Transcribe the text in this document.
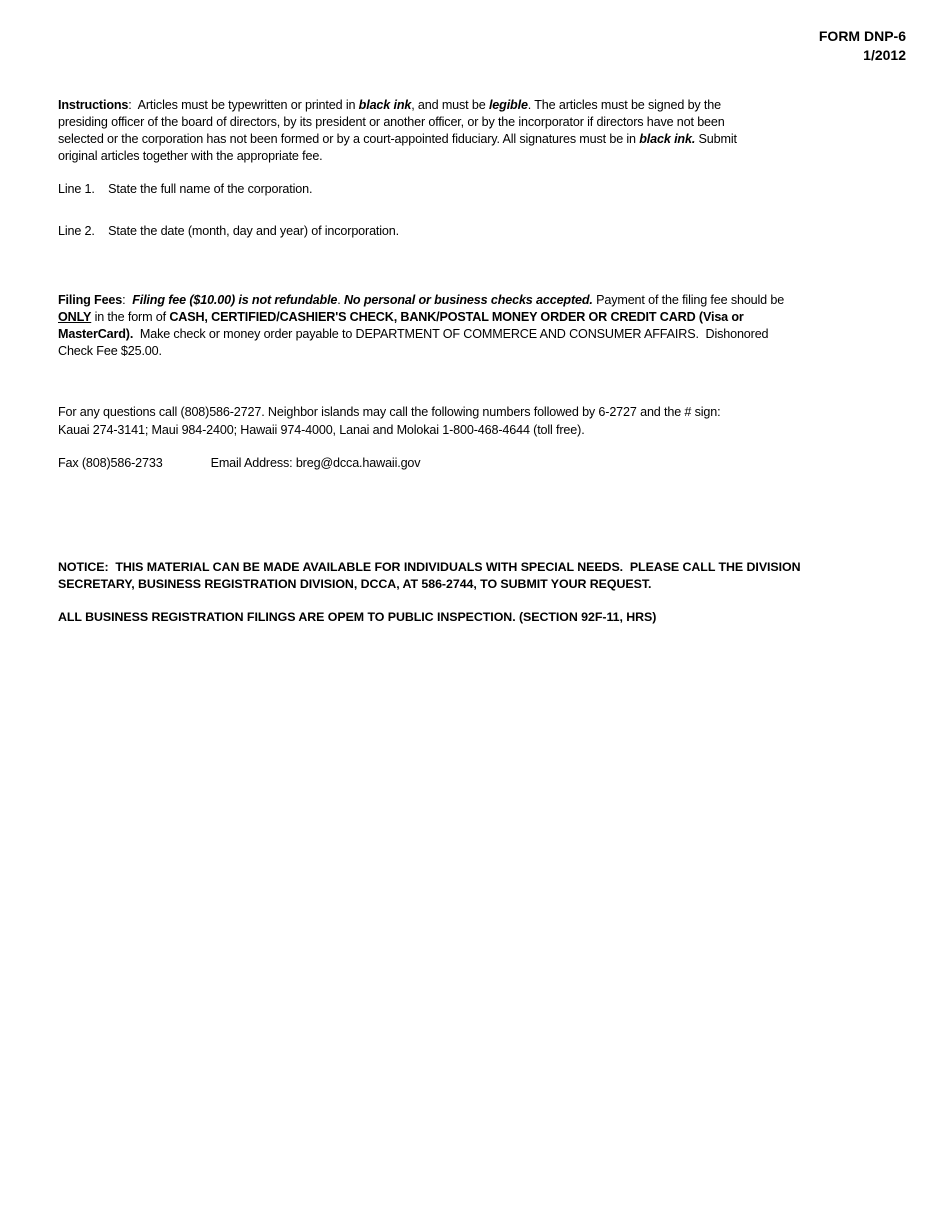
FORM DNP-6
1/2012
Instructions:  Articles must be typewritten or printed in black ink, and must be legible. The articles must be signed by the
presiding officer of the board of directors, by its president or another officer, or by the incorporator if directors have not been
selected or the corporation has not been formed or by a court-appointed fiduciary. All signatures must be in black ink. Submit
original articles together with the appropriate fee.
Line 1.    State the full name of the corporation.
Line 2.    State the date (month, day and year) of incorporation.
Filing Fees:  Filing fee ($10.00) is not refundable. No personal or business checks accepted. Payment of the filing fee should be
ONLY in the form of CASH, CERTIFIED/CASHIER'S CHECK, BANK/POSTAL MONEY ORDER OR CREDIT CARD (Visa or
MasterCard).  Make check or money order payable to DEPARTMENT OF COMMERCE AND CONSUMER AFFAIRS.  Dishonored
Check Fee $25.00.
For any questions call (808)586-2727. Neighbor islands may call the following numbers followed by 6-2727 and the # sign:
Kauai 274-3141; Maui 984-2400; Hawaii 974-4000, Lanai and Molokai 1-800-468-4644 (toll free).
Fax (808)586-2733	Email Address: breg@dcca.hawaii.gov
NOTICE:  THIS MATERIAL CAN BE MADE AVAILABLE FOR INDIVIDUALS WITH SPECIAL NEEDS.  PLEASE CALL THE DIVISION
SECRETARY, BUSINESS REGISTRATION DIVISION, DCCA, AT 586-2744, TO SUBMIT YOUR REQUEST.
ALL BUSINESS REGISTRATION FILINGS ARE OPEM TO PUBLIC INSPECTION. (SECTION 92F-11, HRS)
